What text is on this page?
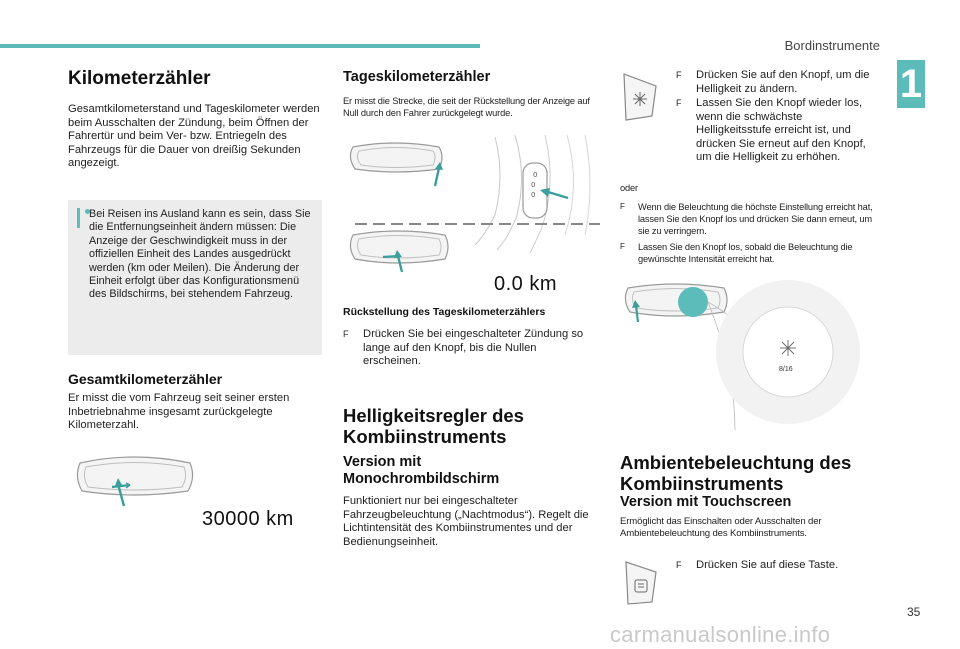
Bordinstrumente
1
Kilometerzähler
Gesamtkilometerstand und Tageskilometer werden beim Ausschalten der Zündung, beim Öffnen der Fahrertür und beim Ver- bzw. Entriegeln des Fahrzeugs für die Dauer von dreißig Sekunden angezeigt.
Bei Reisen ins Ausland kann es sein, dass Sie die Entfernungseinheit ändern müssen: Die Anzeige der Geschwindigkeit muss in der offiziellen Einheit des Landes ausgedrückt werden (km oder Meilen). Die Änderung der Einheit erfolgt über das Konfigurationsmenü des Bildschirms, bei stehendem Fahrzeug.
Gesamtkilometerzähler
Er misst die vom Fahrzeug seit seiner ersten Inbetriebnahme insgesamt zurückgelegte Kilometerzahl.
30000 km
Tageskilometerzähler
Er misst die Strecke, die seit der Rückstellung der Anzeige auf Null durch den Fahrer zurückgelegt wurde.
0
0
0
0.0 km
Rückstellung des Tageskilometerzählers
F Drücken Sie bei eingeschalteter Zündung so lange auf den Knopf, bis die Nullen erscheinen.
Helligkeitsregler des
Kombiinstruments
Version mit
Monochrombildschirm
Funktioniert nur bei eingeschalteter Fahrzeugbeleuchtung („Nachtmodus“). Regelt die Lichtintensität des Kombiinstrumentes und der Bedienungseinheit.
F Drücken Sie auf den Knopf, um die Helligkeit zu ändern.
F Lassen Sie den Knopf wieder los, wenn die schwächste Helligkeitsstufe erreicht ist, und drücken Sie erneut auf den Knopf, um die Helligkeit zu erhöhen.
oder
F Wenn die Beleuchtung die höchste Einstellung erreicht hat, lassen Sie den Knopf los und drücken Sie dann erneut, um sie zu verringern.
F Lassen Sie den Knopf los, sobald die Beleuchtung die gewünschte Intensität erreicht hat.
8/16
Ambientebeleuchtung des
Kombiinstruments
Version mit Touchscreen
Ermöglicht das Einschalten oder Ausschalten der Ambientebeleuchtung des Kombiinstruments.
F Drücken Sie auf diese Taste.
35
carmanualsonline.info
